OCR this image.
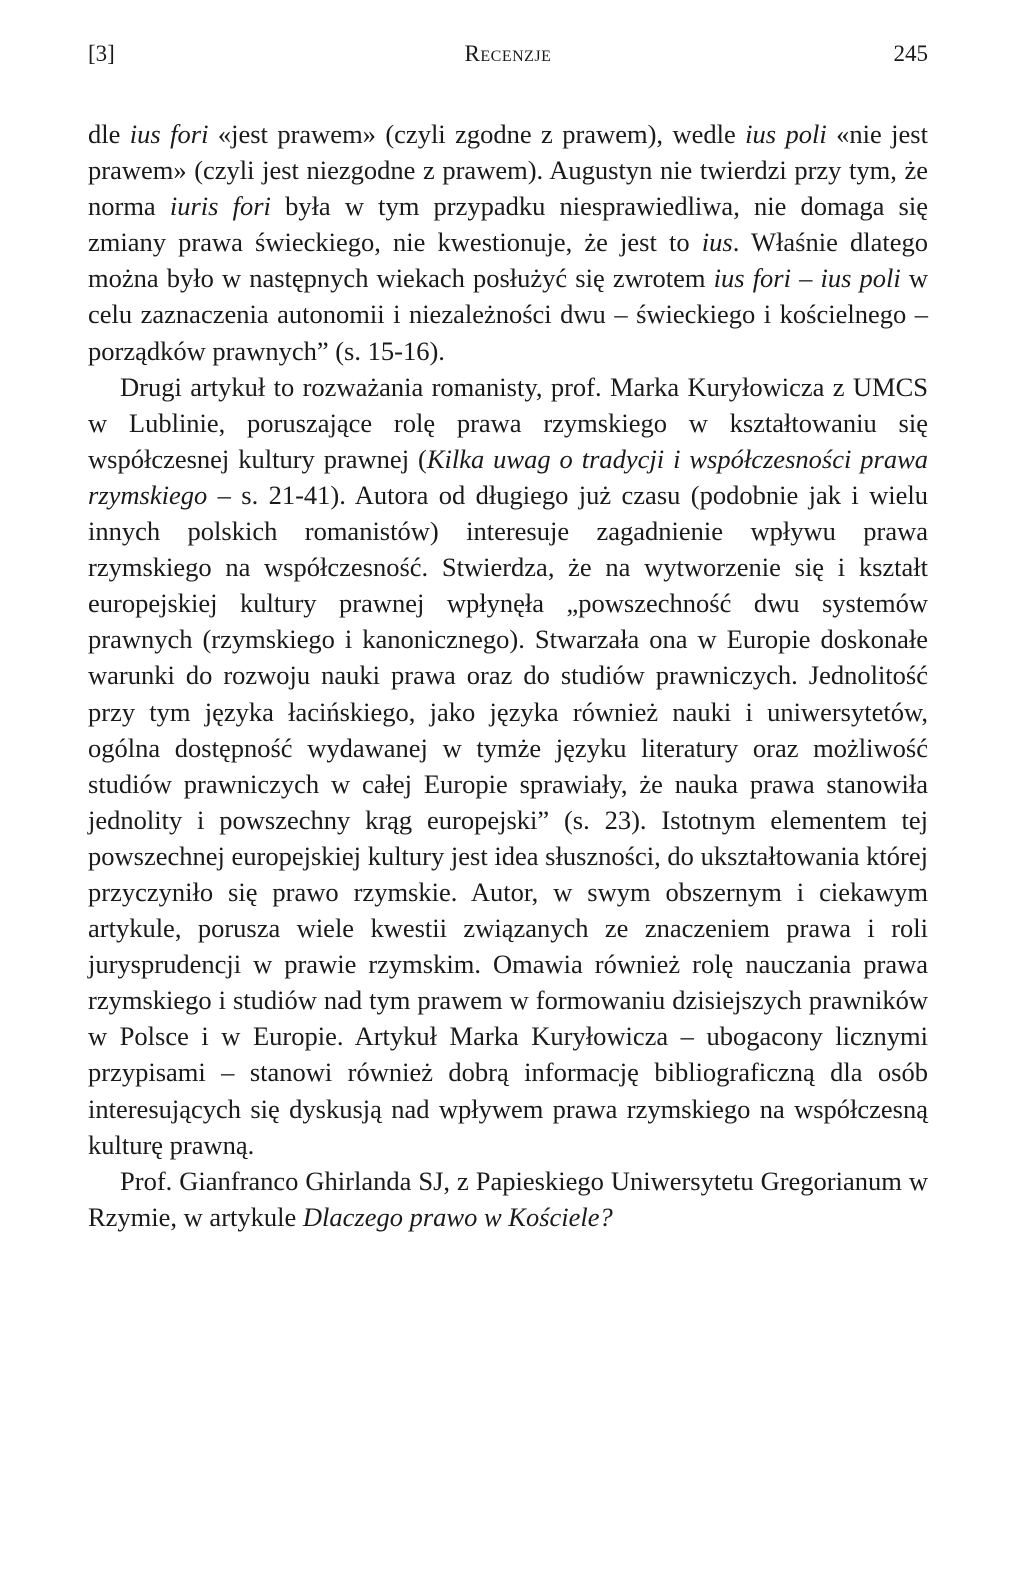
[3]	Recenzje	245

dle ius fori «jest prawem» (czyli zgodne z prawem), wedle ius poli «nie jest prawem» (czyli jest niezgodne z prawem). Augustyn nie twierdzi przy tym, że norma iuris fori była w tym przypadku niesprawiedliwa, nie domaga się zmiany prawa świeckiego, nie kwestionuje, że jest to ius. Właśnie dlatego można było w następnych wiekach posłużyć się zwrotem ius fori – ius poli w celu zaznaczenia autonomii i niezależności dwu – świeckiego i kościelnego – porządków prawnych” (s. 15-16).

Drugi artykuł to rozważania romanisty, prof. Marka Kuryłowicza z UMCS w Lublinie, poruszające rolę prawa rzymskiego w kształtowaniu się współczesnej kultury prawnej (Kilka uwag o tradycji i współczesności prawa rzymskiego – s. 21-41). Autora od długiego już czasu (podobnie jak i wielu innych polskich romanistów) interesuje zagadnienie wpływu prawa rzymskiego na współczesność. Stwierdza, że na wytworzenie się i kształt europejskiej kultury prawnej wpłynęła „powszechność dwu systemów prawnych (rzymskiego i kanonicznego). Stwarzała ona w Europie doskonałe warunki do rozwoju nauki prawa oraz do studiów prawniczych. Jednolitość przy tym języka łacińskiego, jako języka również nauki i uniwersytetów, ogólna dostępność wydawanej w tymże języku literatury oraz możliwość studiów prawniczych w całej Europie sprawiały, że nauka prawa stanowiła jednolity i powszechny krąg europejski” (s. 23). Istotnym elementem tej powszechnej europejskiej kultury jest idea słuszności, do ukształtowania której przyczyniło się prawo rzymskie. Autor, w swym obszernym i ciekawym artykule, porusza wiele kwestii związanych ze znaczeniem prawa i roli jurysprudencji w prawie rzymskim. Omawia również rolę nauczania prawa rzymskiego i studiów nad tym prawem w formowaniu dzisiejszych prawników w Polsce i w Europie. Artykuł Marka Kuryłowicza – ubogacony licznymi przypisami – stanowi również dobrą informację bibliograficzną dla osób interesujących się dyskusją nad wpływem prawa rzymskiego na współczesną kulturę prawną.

Prof. Gianfranco Ghirlanda SJ, z Papieskiego Uniwersytetu Gregorianum w Rzymie, w artykule Dlaczego prawo w Kościele?
